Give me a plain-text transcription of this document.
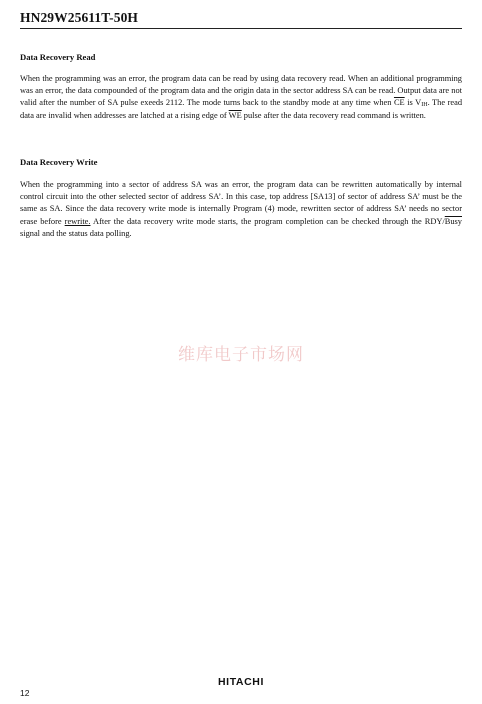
HN29W25611T-50H
Data Recovery Read
When the programming was an error, the program data can be read by using data recovery read. When an additional programming was an error, the data compounded of the program data and the origin data in the sector address SA can be read. Output data are not valid after the number of SA pulse exeeds 2112. The mode turns back to the standby mode at any time when $\overline{CE}$ is $V_{IH}$. The read data are invalid when addresses are latched at a rising edge of $\overline{WE}$ pulse after the data recovery read command is written.
Data Recovery Write
When the programming into a sector of address SA was an error, the program data can be rewritten automatically by internal control circuit into the other selected sector of address SA’. In this case, top address [SA13] of sector of address SA’ must be the same as SA. Since the data recovery write mode is internally Program (4) mode, rewritten sector of address SA’ needs no sector erase before rewrite. After the data recovery write mode starts, the program completion can be checked through the RDY/Busy signal and the status data polling.
维库电子市场网
HITACHI
12
